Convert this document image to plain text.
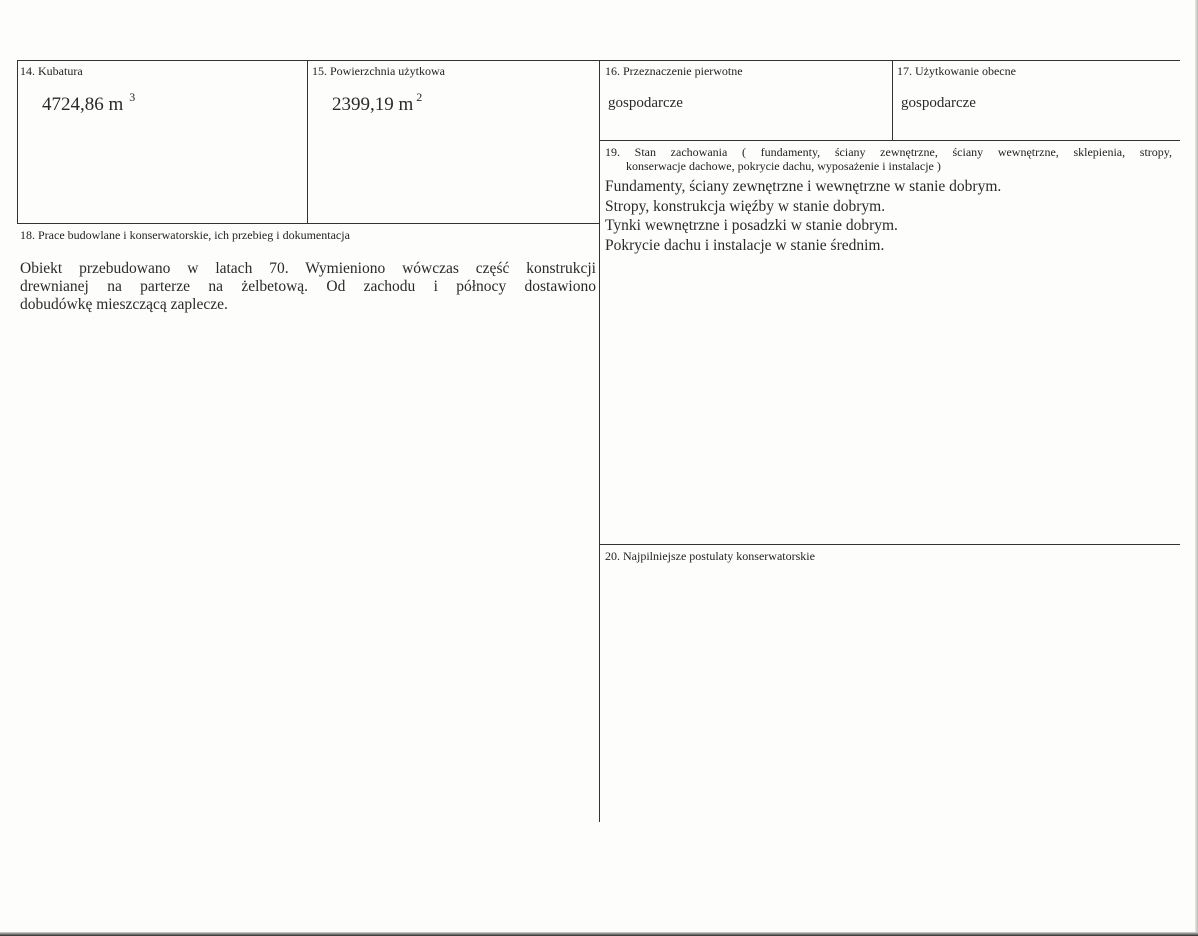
14. Kubatura
4724,86 m $^3$
15. Powierzchnia użytkowa
2399,19 m $^2$
16. Przeznaczenie pierwotne
gospodarcze
17. Użytkowanie obecne
gospodarcze
18. Prace budowlane i konserwatorskie, ich przebieg i dokumentacja
Obiekt przebudowano w latach 70. Wymieniono wówczas część konstrukcji
drewnianej na parterze na żelbetową. Od zachodu i północy dostawiono
dobudówkę mieszczącą zaplecze.
19. Stan zachowania ( fundamenty, ściany zewnętrzne, ściany wewnętrzne, sklepienia, stropy,
konserwacje dachowe, pokrycie dachu, wyposażenie i instalacje )
Fundamenty, ściany zewnętrzne i wewnętrzne w stanie dobrym.
Stropy, konstrukcja więźby w stanie dobrym.
Tynki wewnętrzne i posadzki w stanie dobrym.
Pokrycie dachu i instalacje w stanie średnim.
20. Najpilniejsze postulaty konserwatorskie
